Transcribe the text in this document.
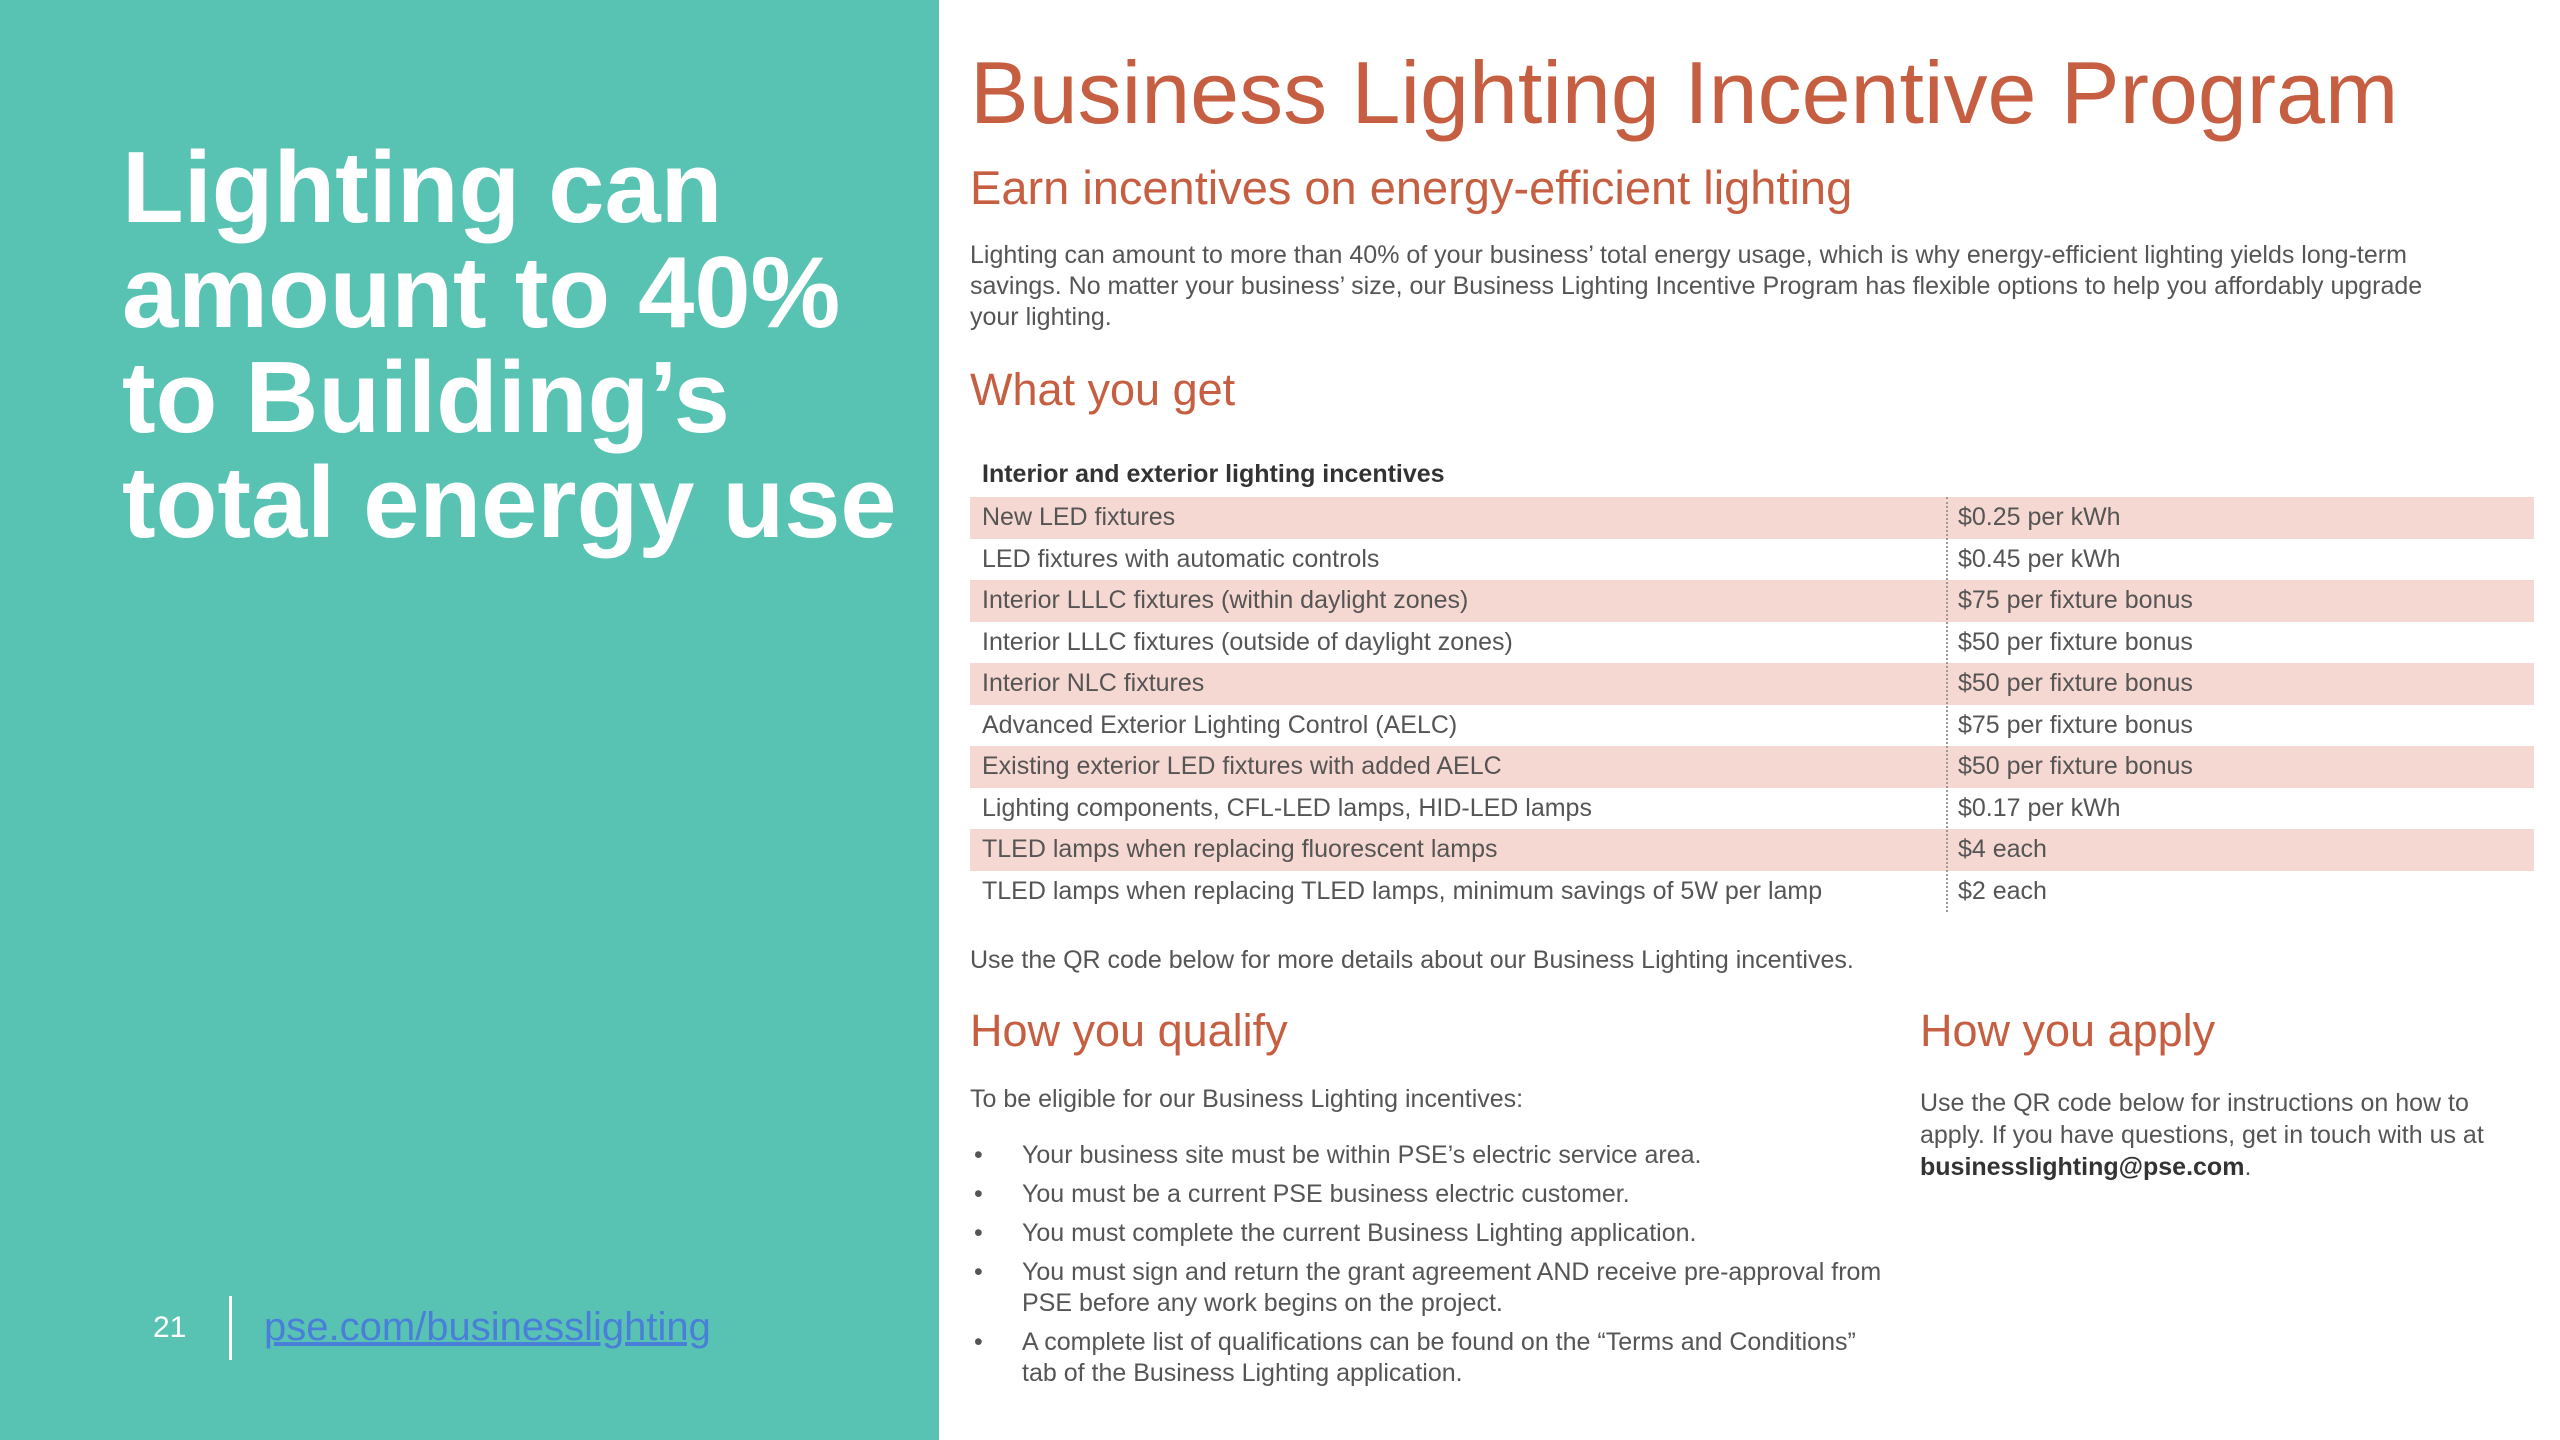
Lighting can
amount to 40%
to Building’s
total energy use
21 pse.com/businesslighting
Business Lighting Incentive Program
Earn incentives on energy-efficient lighting

Lighting can amount to more than 40% of your business’ total energy usage, which is why energy-efficient lighting yields long-term savings. No matter your business’ size, our Business Lighting Incentive Program has flexible options to help you affordably upgrade your lighting.

What you get
Interior and exterior lighting incentives
New LED fixtures	$0.25 per kWh
LED fixtures with automatic controls	$0.45 per kWh
Interior LLLC fixtures (within daylight zones)	$75 per fixture bonus
Interior LLLC fixtures (outside of daylight zones)	$50 per fixture bonus
Interior NLC fixtures	$50 per fixture bonus
Advanced Exterior Lighting Control (AELC)	$75 per fixture bonus
Existing exterior LED fixtures with added AELC	$50 per fixture bonus
Lighting components, CFL-LED lamps, HID-LED lamps	$0.17 per kWh
TLED lamps when replacing fluorescent lamps	$4 each
TLED lamps when replacing TLED lamps, minimum savings of 5W per lamp	$2 each
Use the QR code below for more details about our Business Lighting incentives.
How you qualify
To be eligible for our Business Lighting incentives:
• Your business site must be within PSE’s electric service area.
• You must be a current PSE business electric customer.
• You must complete the current Business Lighting application.
• You must sign and return the grant agreement AND receive pre-approval from PSE before any work begins on the project.
• A complete list of qualifications can be found on the “Terms and Conditions” tab of the Business Lighting application.
How you apply

Use the QR code below for instructions on how to apply. If you have questions, get in touch with us at businesslighting@pse.com.
